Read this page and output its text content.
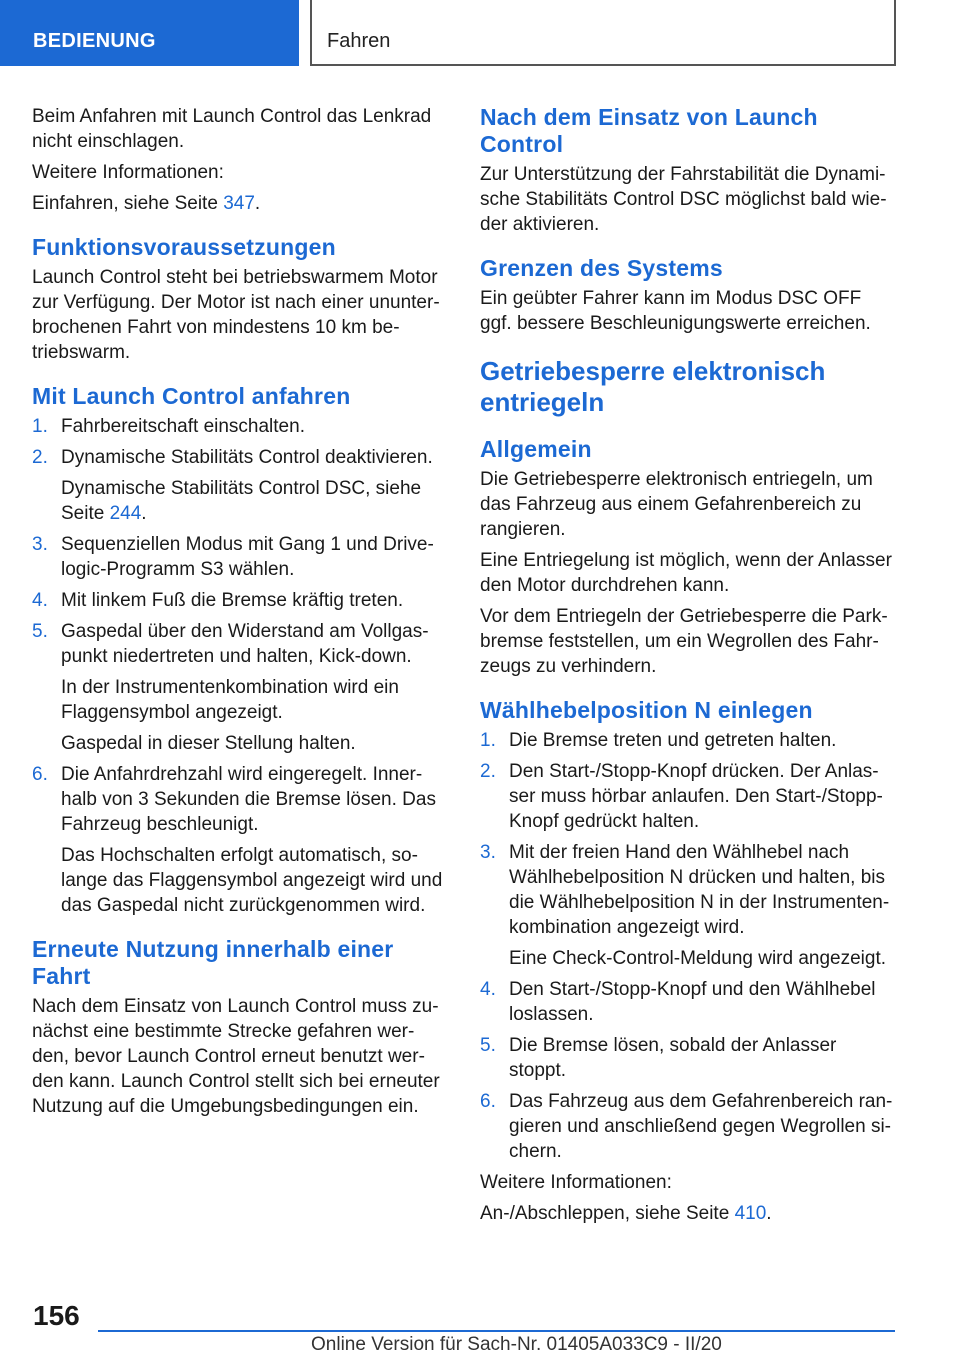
BEDIENUNG	Fahren

Beim Anfahren mit Launch Control das Lenkrad nicht einschlagen.

Weitere Informationen:

Einfahren, siehe Seite 347.

Funktionsvoraussetzungen

Launch Control steht bei betriebswarmem Motor zur Verfügung. Der Motor ist nach einer ununter-brochenen Fahrt von mindestens 10 km be-triebswarm.

Mit Launch Control anfahren
1. Fahrbereitschaft einschalten.
2. Dynamische Stabilitäts Control deaktivieren.

Dynamische Stabilitäts Control DSC, siehe Seite 244.

3. Sequenziellen Modus mit Gang 1 und Drive-logic-Programm S3 wählen.
4. Mit linkem Fuß die Bremse kräftig treten.
5. Gaspedal über den Widerstand am Vollgas-punkt niedertreten und halten, Kick-down.

In der Instrumentenkombination wird ein Flaggensymbol angezeigt.

Gaspedal in dieser Stellung halten.

6. Die Anfahrdrehzahl wird eingeregelt. Inner-halb von 3 Sekunden die Bremse lösen. Das Fahrzeug beschleunigt.

Das Hochschalten erfolgt automatisch, so-lange das Flaggensymbol angezeigt wird und das Gaspedal nicht zurückgenommen wird.

Erneute Nutzung innerhalb einer Fahrt

Nach dem Einsatz von Launch Control muss zu-nächst eine bestimmte Strecke gefahren wer-den, bevor Launch Control erneut benutzt wer-den kann. Launch Control stellt sich bei erneuter Nutzung auf die Umgebungsbedingungen ein.

Nach dem Einsatz von Launch Control

Zur Unterstützung der Fahrstabilität die Dynami-sche Stabilitäts Control DSC möglichst bald wie-der aktivieren.

Grenzen des Systems

Ein geübter Fahrer kann im Modus DSC OFF ggf. bessere Beschleunigungswerte erreichen.

Getriebesperre elektronisch entriegeln
Allgemein

Die Getriebesperre elektronisch entriegeln, um das Fahrzeug aus einem Gefahrenbereich zu rangieren.

Eine Entriegelung ist möglich, wenn der Anlasser den Motor durchdrehen kann.

Vor dem Entriegeln der Getriebesperre die Park-bremse feststellen, um ein Wegrollen des Fahr-zeugs zu verhindern.

Wählhebelposition N einlegen
1. Die Bremse treten und getreten halten.
2. Den Start-/Stopp-Knopf drücken. Der Anlas-ser muss hörbar anlaufen. Den Start-/Stopp-Knopf gedrückt halten.
3. Mit der freien Hand den Wählhebel nach Wählhebelposition N drücken und halten, bis die Wählhebelposition N in der Instrumenten-kombination angezeigt wird.

Eine Check-Control-Meldung wird angezeigt.

4. Den Start-/Stopp-Knopf und den Wählhebel loslassen.
5. Die Bremse lösen, sobald der Anlasser stoppt.
6. Das Fahrzeug aus dem Gefahrenbereich ran-gieren und anschließend gegen Wegrollen si-chern.

Weitere Informationen:

An-/Abschleppen, siehe Seite 410.

156
Online Version für Sach-Nr. 01405A033C9 - II/20
